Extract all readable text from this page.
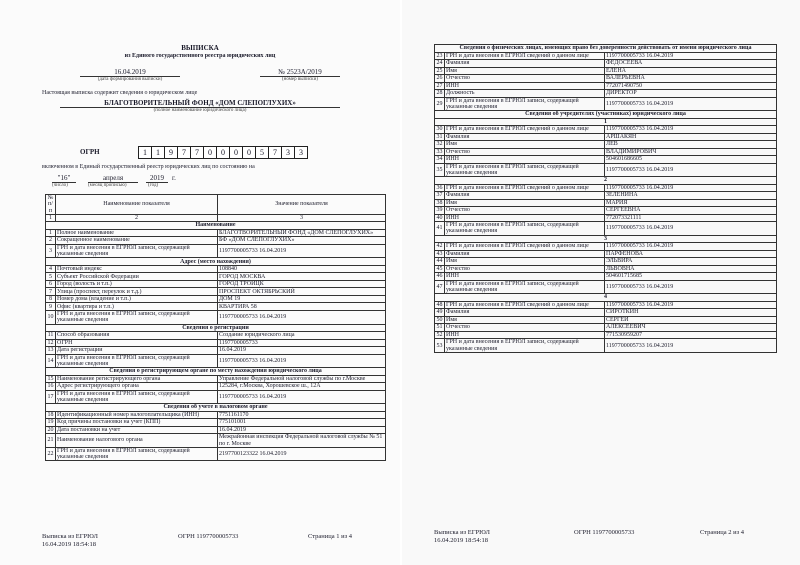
ВЫПИСКА
из Единого государственного реестра юридических лиц
16.04.2019
(дата формирования выписки)
№ 2523А/2019
(номер выписки)
Настоящая выписка содержит сведения о юридическом лице
БЛАГОТВОРИТЕЛЬНЫЙ ФОНД «ДОМ СЛЕПОГЛУХИХ»
(полное наименование юридического лица)
ОГРН	1	1	9	7	7	0	0	0	0	5	7	3	3
включенном в Единый государственный реестр юридических лиц по состоянию на
"16"	апреля	2019	г.
(число)	(месяц прописью)	(год)
№ п/п	Наименование показателя	Значение показателя
1	2	3
Наименование		
1	Полное наименование	БЛАГОТВОРИТЕЛЬНЫЙ ФОНД «ДОМ СЛЕПОГЛУХИХ»
2	Сокращенное наименование	БФ «ДОМ СЛЕПОГЛУХИХ»
3	ГРН и дата внесения в ЕГРЮЛ записи, содержащей указанные сведения	1197700005733 16.04.2019
Адрес (место нахождения)		
4	Почтовый индекс	108840
5	Субъект Российской Федерации	ГОРОД МОСКВА
6	Город (волость и т.п.)	ГОРОД ТРОИЦК
7	Улица (проспект, переулок и т.д.)	ПРОСПЕКТ ОКТЯБРЬСКИЙ
8	Номер дома (владение и т.п.)	ДОМ 19
9	Офис (квартира и т.п.)	КВАРТИРА 58
10	ГРН и дата внесения в ЕГРЮЛ записи, содержащей указанные сведения	1197700005733 16.04.2019
Сведения о регистрации		
11	Способ образования	Создание юридического лица
12	ОГРН	1197700005733
13	Дата регистрации	16.04.2019
14	ГРН и дата внесения в ЕГРЮЛ записи, содержащей указанные сведения	1197700005733 16.04.2019
Сведения о регистрирующем органе по месту нахождения юридического лица		
15	Наименование регистрирующего органа	Управление Федеральной налоговой службы по г.Москве
16	Адрес регистрирующего органа	125284, г.Москва, Хорошевское ш., 12А
17	ГРН и дата внесения в ЕГРЮЛ записи, содержащей указанные сведения	1197700005733 16.04.2019
Сведения об учете в налоговом органе		
18	Идентификационный номер налогоплательщика (ИНН)	7751161170
19	Код причины постановки на учет (КПП)	775101001
20	Дата постановки на учет	16.04.2019
21	Наименование налогового органа	Межрайонная инспекция Федеральной налоговой службы № 51 по г. Москве
22	ГРН и дата внесения в ЕГРЮЛ записи, содержащей указанные сведения	2197700123322 16.04.2019
Выписка из ЕГРЮЛ
16.04.2019 18:54:18
ОГРН 1197700005733	Страница 1 из 4
Сведения о физических лицах, имеющих право без доверенности действовать от имени юридического лица		
23	ГРН и дата внесения в ЕГРЮЛ сведений о данном лице	1197700005733 16.04.2019
24	Фамилия	ФЕДОСЕЕВА
25	Имя	ЕЛЕНА
26	Отчество	ВАЛЕРЬЕВНА
27	ИНН	772071490750
28	Должность	ДИРЕКТОР
29	ГРН и дата внесения в ЕГРЮЛ записи, содержащей указанные сведения	1197700005733 16.04.2019
Сведения об учредителях (участниках) юридического лица		
1		
30	ГРН и дата внесения в ЕГРЮЛ сведений о данном лице	1197700005733 16.04.2019
31	Фамилия	АРШАКЯН
32	Имя	ЛЕВ
33	Отчество	ВЛАДИМИРОВИЧ
34	ИНН	504601686605
35	ГРН и дата внесения в ЕГРЮЛ записи, содержащей указанные сведения	1197700005733 16.04.2019
2		
36	ГРН и дата внесения в ЕГРЮЛ сведений о данном лице	1197700005733 16.04.2019
37	Фамилия	ЗЕЛЕНИНА
38	Имя	МАРИЯ
39	Отчество	СЕРГЕЕВНА
40	ИНН	772073321111
41	ГРН и дата внесения в ЕГРЮЛ записи, содержащей указанные сведения	1197700005733 16.04.2019
3		
42	ГРН и дата внесения в ЕГРЮЛ сведений о данном лице	1197700005733 16.04.2019
43	Фамилия	ПАРФЕНОВА
44	Имя	ЭЛЬВИРА
45	Отчество	ЛЬВОВНА
46	ИНН	504601715685
47	ГРН и дата внесения в ЕГРЮЛ записи, содержащей указанные сведения	1197700005733 16.04.2019
4		
48	ГРН и дата внесения в ЕГРЮЛ сведений о данном лице	1197700005733 16.04.2019
49	Фамилия	СИРОТКИН
50	Имя	СЕРГЕЙ
51	Отчество	АЛЕКСЕЕВИЧ
52	ИНН	771530959207
53	ГРН и дата внесения в ЕГРЮЛ записи, содержащей указанные сведения	1197700005733 16.04.2019
Выписка из ЕГРЮЛ
16.04.2019 18:54:18
ОГРН 1197700005733	Страница 2 из 4
